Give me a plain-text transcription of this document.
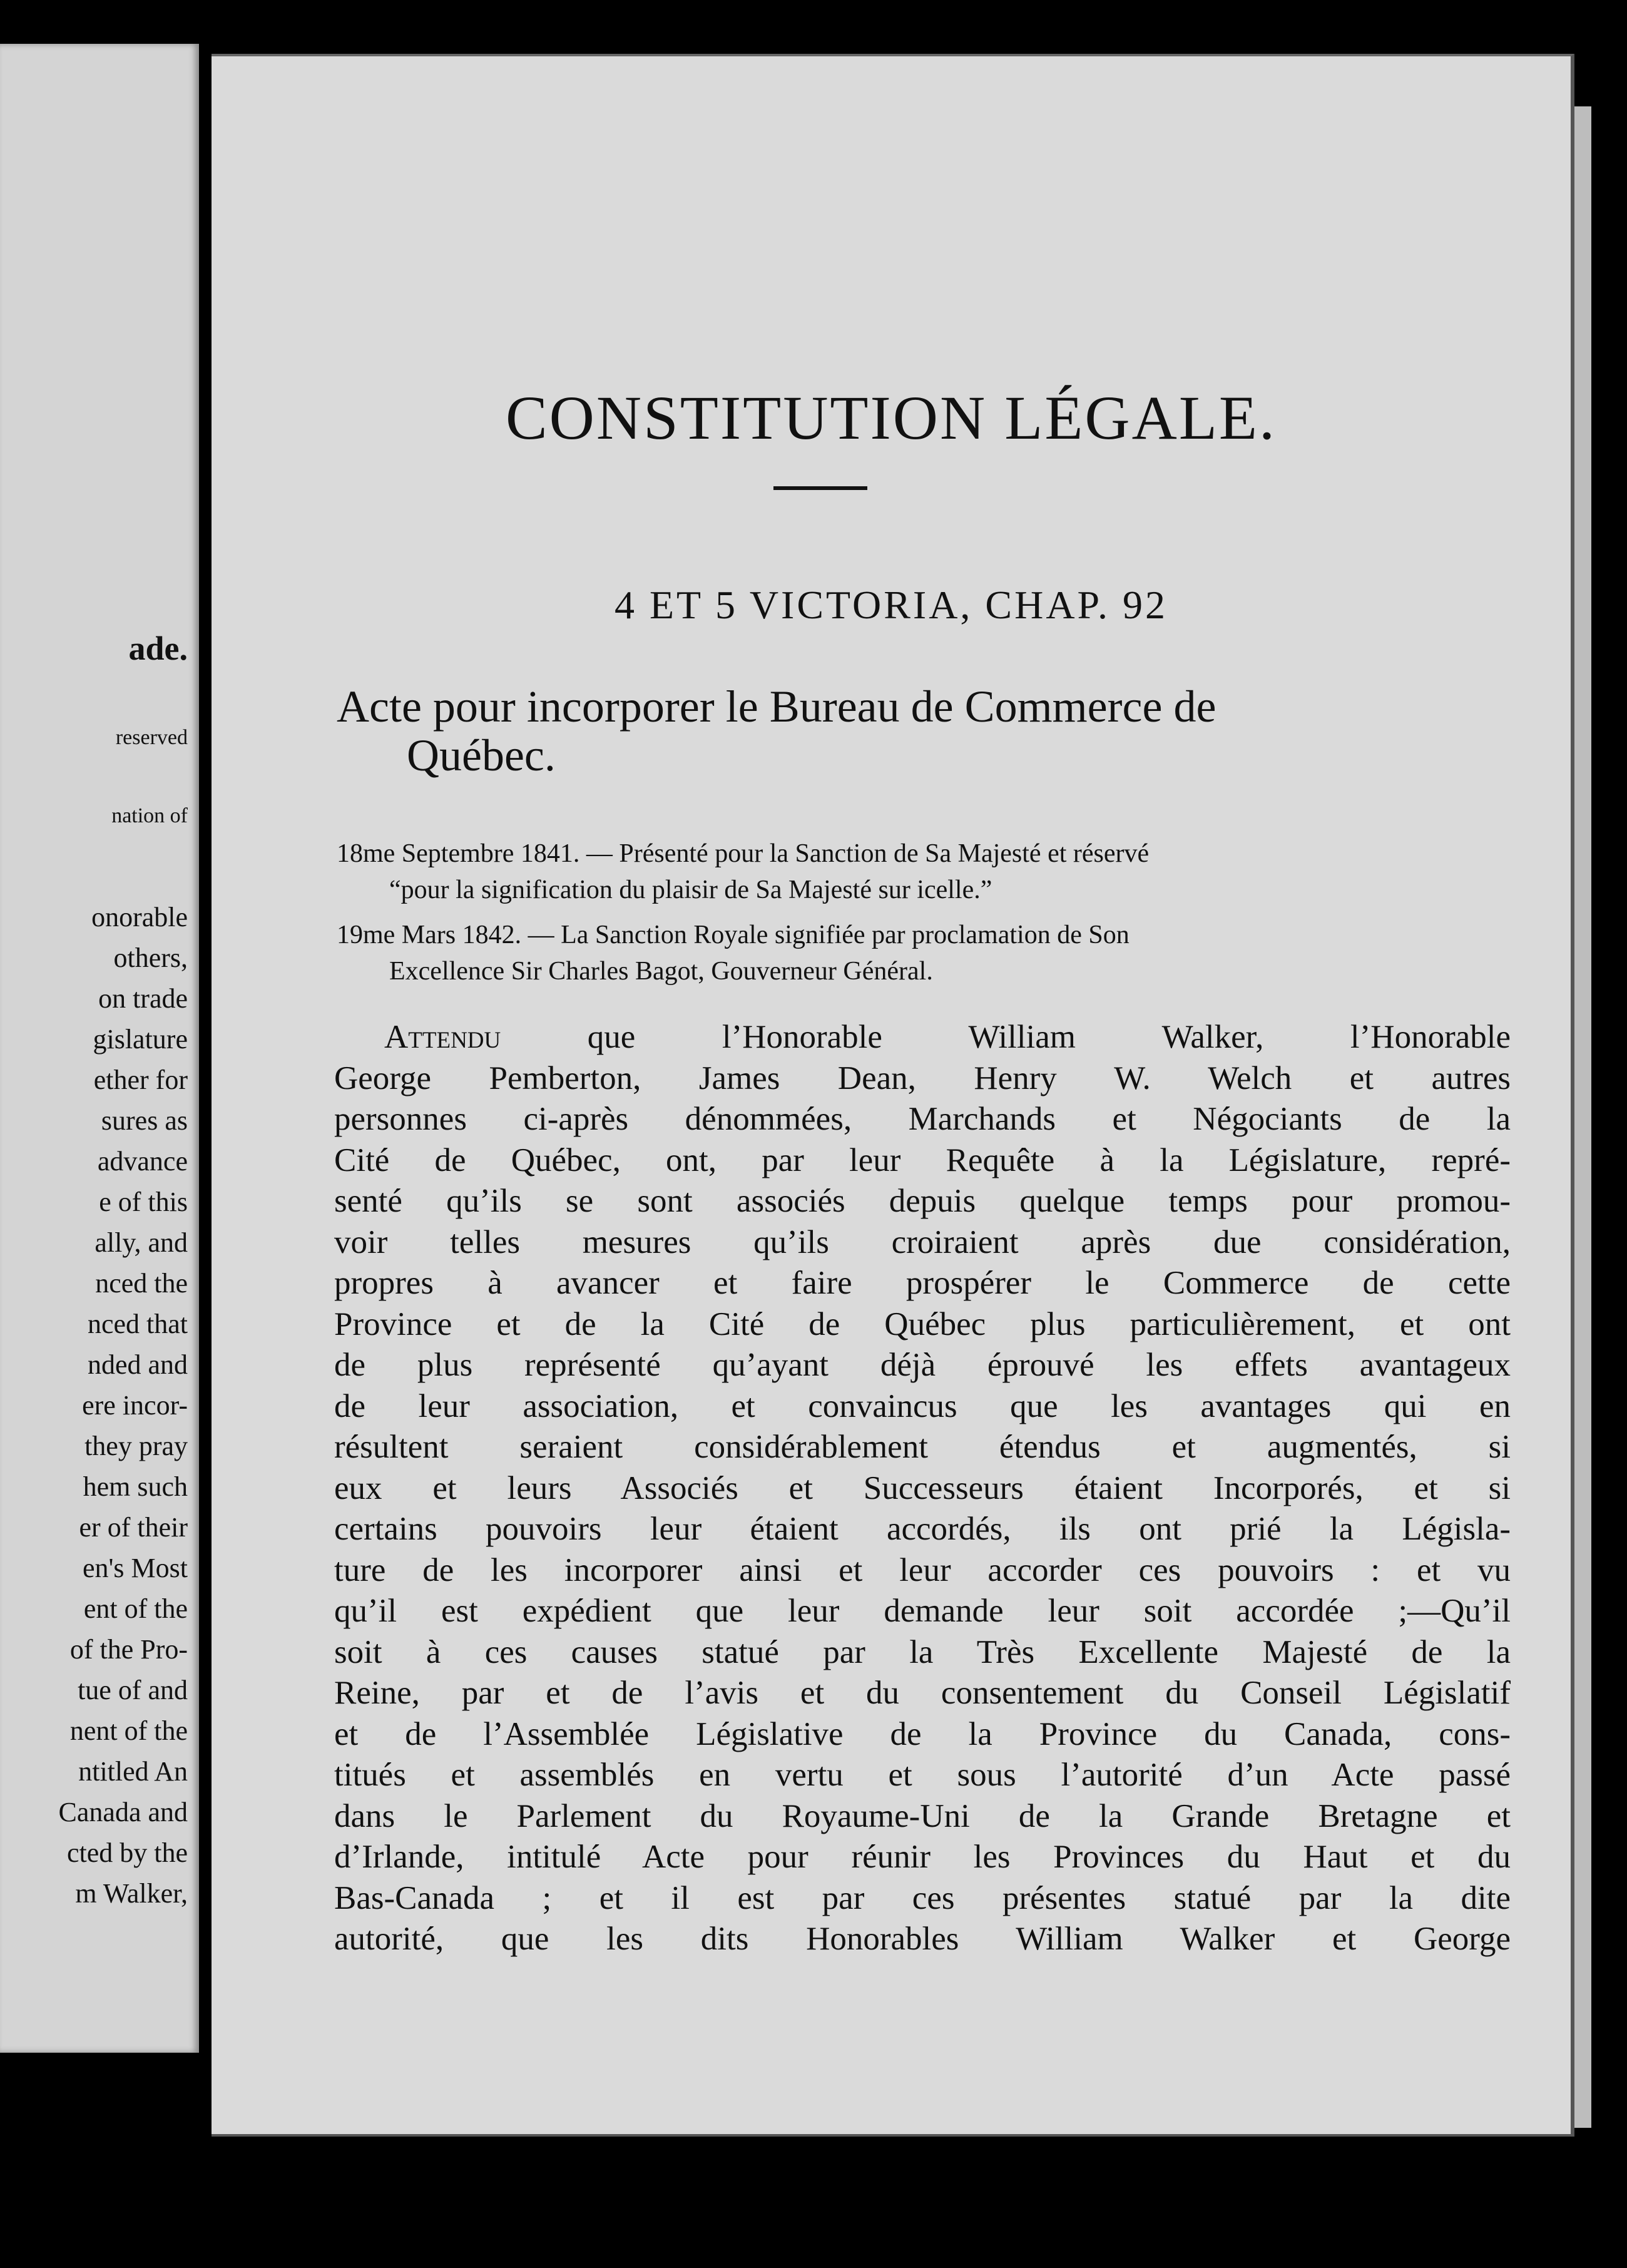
ade.
reserved
nation of
onorable
others,
on trade
gislature
ether for
sures as
advance
e of this
ally, and
nced the
nced that
nded and
ere incor-
they pray
hem such
er of their
en's Most
ent of the
of the Pro-
tue of and
nent of the
ntitled An
Canada and
cted by the
m Walker,
CONSTITUTION LÉGALE.
4 ET 5 VICTORIA, CHAP. 92
Acte pour incorporer le Bureau de Commerce de
Québec.
18me Septembre 1841. — Présenté pour la Sanction de Sa Majesté et réservé
“pour la signification du plaisir de Sa Majesté sur icelle.”
19me Mars 1842. — La Sanction Royale signifiée par proclamation de Son
Excellence Sir Charles Bagot, Gouverneur Général.
Attendu	que l’Honorable William Walker, l’Honorable
George Pemberton, James Dean, Henry W. Welch et autres
personnes ci-après dénommées, Marchands et Négociants de la
Cité de Québec, ont, par leur Requête à la Législature, repré-
senté qu’ils se sont associés depuis quelque temps pour promou-
voir telles mesures qu’ils croiraient après due considération,
propres à avancer et faire prospérer le Commerce de cette
Province et de la Cité de Québec plus particulièrement, et ont
de plus représenté qu’ayant déjà éprouvé les effets avantageux
de leur association, et convaincus que les avantages qui en
résultent seraient considérablement étendus et augmentés, si
eux et leurs Associés et Successeurs étaient Incorporés, et si
certains pouvoirs leur étaient accordés, ils ont prié la Législa-
ture de les incorporer ainsi et leur accorder ces pouvoirs : et vu
qu’il est expédient que leur demande leur soit accordée ;—Qu’il
soit à ces causes statué par la Très Excellente Majesté de la
Reine, par et de l’avis et du consentement du Conseil Législatif
et de l’Assemblée Législative de la Province du Canada, cons-
titués et assemblés en vertu et sous l’autorité d’un Acte passé
dans le Parlement du Royaume-Uni de la Grande Bretagne et
d’Irlande, intitulé Acte pour réunir les Provinces du Haut et du
Bas-Canada ; et il est par ces présentes statué par la dite
autorité, que les dits Honorables William Walker et George
